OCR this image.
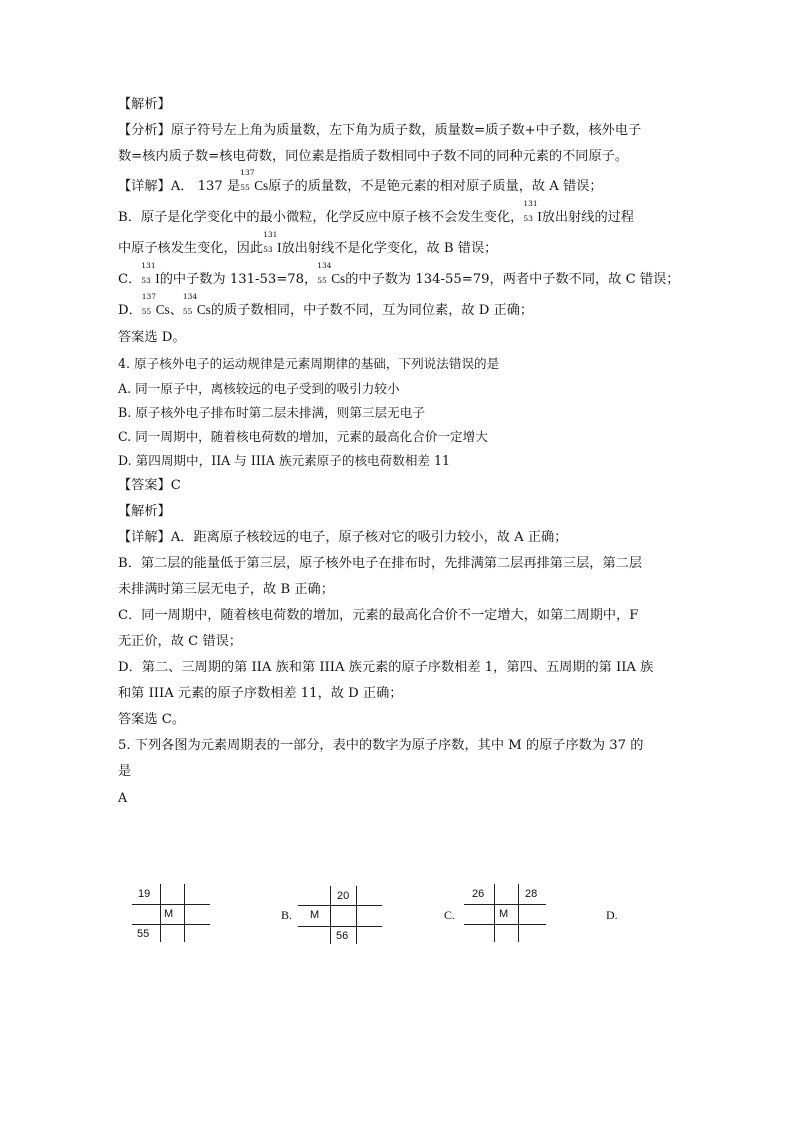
【解析】
【分析】原子符号左上角为质量数，左下角为质子数，质量数=质子数+中子数，核外电子
数=核内质子数=核电荷数，同位素是指质子数相同中子数不同的同种元素的不同原子。
【详解】A． 137 是
137
55 Cs原子的质量数，不是铯元素的相对原子质量，故 A 错误；
B．原子是化学变化中的最小微粒，化学反应中原子核不会发生变化，
131
53 I放出射线的过程
中原子核发生变化，因此
131
53 I放出射线不是化学变化，故 B 错误；
C．
131
53 I的中子数为 131-53=78，
134
55 Cs的中子数为 134-55=79，两者中子数不同，故 C 错误；
D．
137
55 Cs、
134
55 Cs的质子数相同，中子数不同，互为同位素，故 D 正确；
答案选 D。
4. 原子核外电子的运动规律是元素周期律的基础，下列说法错误的是
A. 同一原子中，离核较远的电子受到的吸引力较小
B. 原子核外电子排布时第二层未排满，则第三层无电子
C. 同一周期中，随着核电荷数的增加，元素的最高化合价一定增大
D. 第四周期中，IIA 与 IIIA 族元素原子的核电荷数相差 11
【答案】C
【解析】
【详解】A．距离原子核较远的电子，原子核对它的吸引力较小，故 A 正确；
B．第二层的能量低于第三层，原子核外电子在排布时，先排满第二层再排第三层，第二层
未排满时第三层无电子，故 B 正确；
C．同一周期中，随着核电荷数的增加，元素的最高化合价不一定增大，如第二周期中，F
无正价，故 C 错误；
D．第二、三周期的第 IIA 族和第 IIIA 族元素的原子序数相差 1，第四、五周期的第 IIA 族
和第 IIIA 元素的原子序数相差 11，故 D 正确；
答案选 C。
5. 下列各图为元素周期表的一部分，表中的数字为原子序数，其中 M 的原子序数为 37 的
是
A
19
M
55
B.
20
M
56
C.
26	28
M	D.
